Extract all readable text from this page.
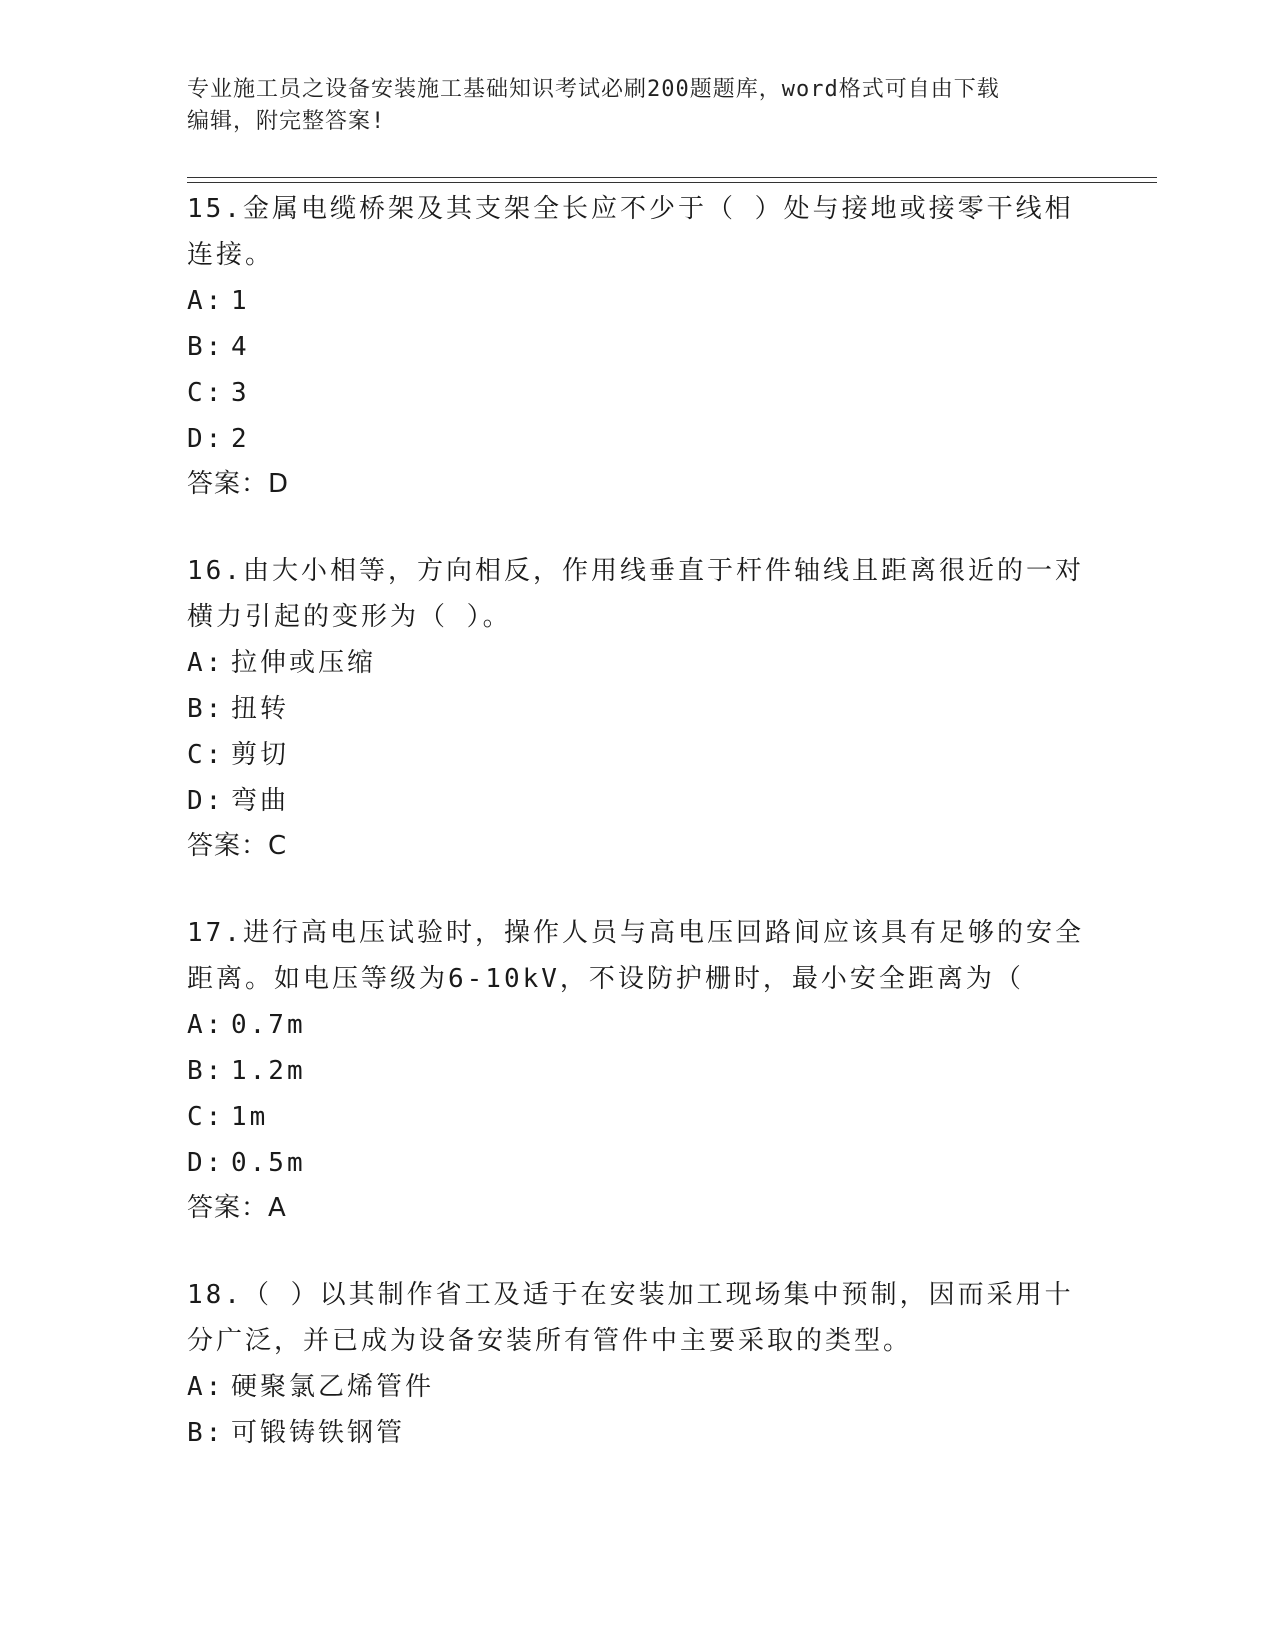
专业施工员之设备安装施工基础知识考试必刷200题题库，word格式可自由下载
编辑，附完整答案!

15.金属电缆桥架及其支架全长应不少于（ ）处与接地或接零干线相

连接。

A: 1

B: 4

C: 3

D: 2

答案：D

16.由大小相等，方向相反，作用线垂直于杆件轴线且距离很近的一对

横力引起的变形为（ ）。

A: 拉伸或压缩

B: 扭转

C: 剪切

D: 弯曲

答案：C

17.进行高电压试验时，操作人员与高电压回路间应该具有足够的安全

距离。如电压等级为6-10kV，不设防护栅时，最小安全距离为（

A: 0.7m

B: 1.2m

C: 1m

D: 0.5m

答案：A

18.（ ）以其制作省工及适于在安装加工现场集中预制，因而采用十

分广泛，并已成为设备安装所有管件中主要采取的类型。

A: 硬聚氯乙烯管件

B: 可锻铸铁钢管
